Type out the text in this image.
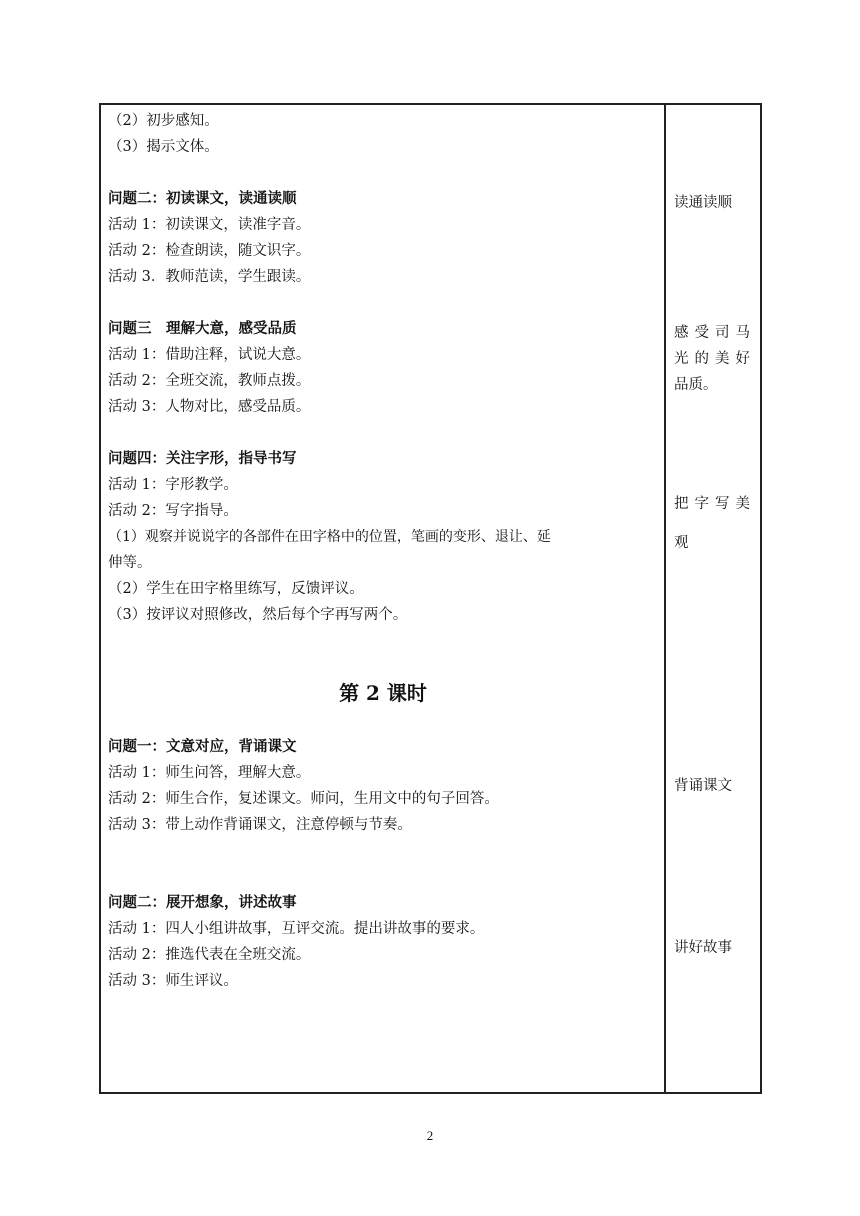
（2）初步感知。
（3）揭示文体。
问题二：初读课文，读通读顺
活动 1：初读课文，读准字音。
活动 2：检查朗读，随文识字。
活动 3．教师范读，学生跟读。
问题三　理解大意，感受品质
活动 1：借助注释，试说大意。
活动 2：全班交流，教师点拨。
活动 3：人物对比，感受品质。
问题四：关注字形，指导书写
活动 1：字形教学。
活动 2：写字指导。
（1）观察并说说字的各部件在田字格中的位置，笔画的变形、退让、延
伸等。
（2）学生在田字格里练写，反馈评议。
（3）按评议对照修改，然后每个字再写两个。
第 2 课时
问题一：文意对应，背诵课文
活动 1：师生问答，理解大意。
活动 2：师生合作，复述课文。师问，生用文中的句子回答。
活动 3：带上动作背诵课文，注意停顿与节奏。
问题二：展开想象，讲述故事
活动 1：四人小组讲故事，互评交流。提出讲故事的要求。
活动 2：推选代表在全班交流。
活动 3：师生评议。
读通读顺
感受司马
光的美好
品质。
把字写美
观
背诵课文
讲好故事
2
